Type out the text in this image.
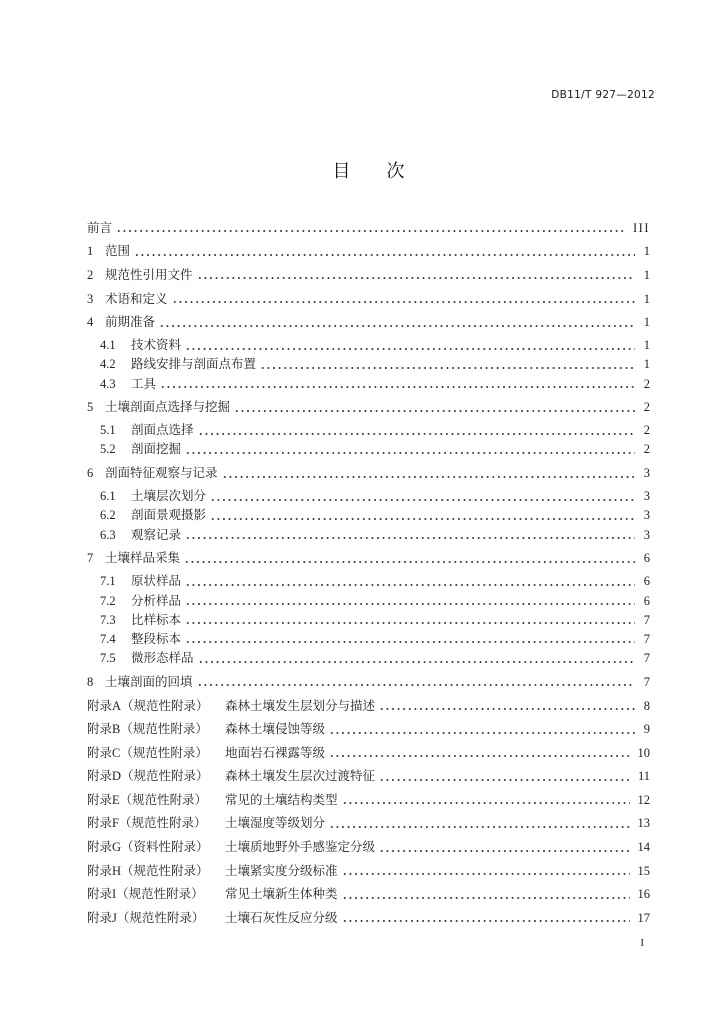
DB11/T 927—2012
目　　次
前言	III
1 范围	1
2 规范性引用文件	1
3 术语和定义	1
4 前期准备	1
4.1	技术资料	1
4.2	路线安排与剖面点布置	1
4.3	工具	2
5 土壤剖面点选择与挖掘	2
5.1	剖面点选择	2
5.2	剖面挖掘	2
6 剖面特征观察与记录	3
6.1	土壤层次划分	3
6.2	剖面景观摄影	3
6.3	观察记录	3
7 土壤样品采集	6
7.1	原状样品	6
7.2	分析样品	6
7.3	比样标本	7
7.4	整段标本	7
7.5	微形态样品	7
8 土壤剖面的回填	7
附录A（规范性附录）	森林土壤发生层划分与描述	8
附录B（规范性附录）	森林土壤侵蚀等级	9
附录C（规范性附录）	地面岩石裸露等级	10
附录D（规范性附录）	森林土壤发生层次过渡特征	11
附录E（规范性附录）	常见的土壤结构类型	12
附录F（规范性附录）	土壤湿度等级划分	13
附录G（资料性附录）	土壤质地野外手感鉴定分级	14
附录H（规范性附录）	土壤紧实度分级标准	15
附录I（规范性附录）	常见土壤新生体种类	16
附录J（规范性附录）	土壤石灰性反应分级	17
I
